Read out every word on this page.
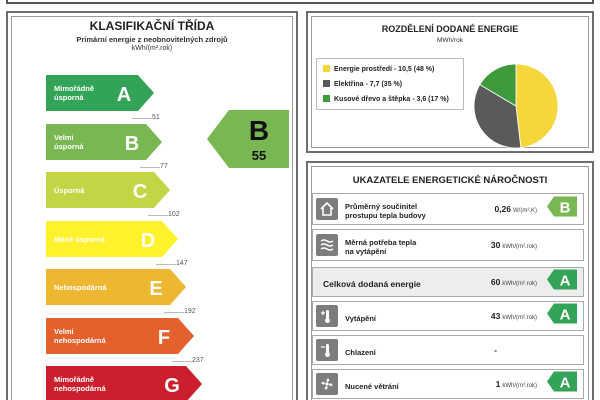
KLASIFIKAČNÍ TŘÍDA
Primární energie z neobnovitelných zdrojů
kWh/(m².rok)
Mimořádně
úsporná A
Velmi
úsporná B
Úsporná C
Méně úsporná D
Nehospodárná E
Velmi
nehospodárná	F
Mimořádně
nehospodárná	G
51
77
102
147
192
237
B
55
ROZDĚLENÍ DODANÉ ENERGIE
MWh/rok
Energie prostředí - 10,5 (48 %)
Elektřina - 7,7 (35 %)
Kusové dřevo a štěpka - 3,6 (17 %)
UKAZATELE ENERGETICKÉ NÁROČNOSTI
Průměrný součinitel
prostupu tepla budovy
0,26 W/(m².K) B
Měrná potřeba tepla
na vytápění
30 kWh/(m².rok)
Celková dodaná energie	60 kWh/(m².rok) A
Vytápění	43 kWh/(m².rok) A
Chlazení	-
Nucené větrání	1 kWh/(m².rok) A
